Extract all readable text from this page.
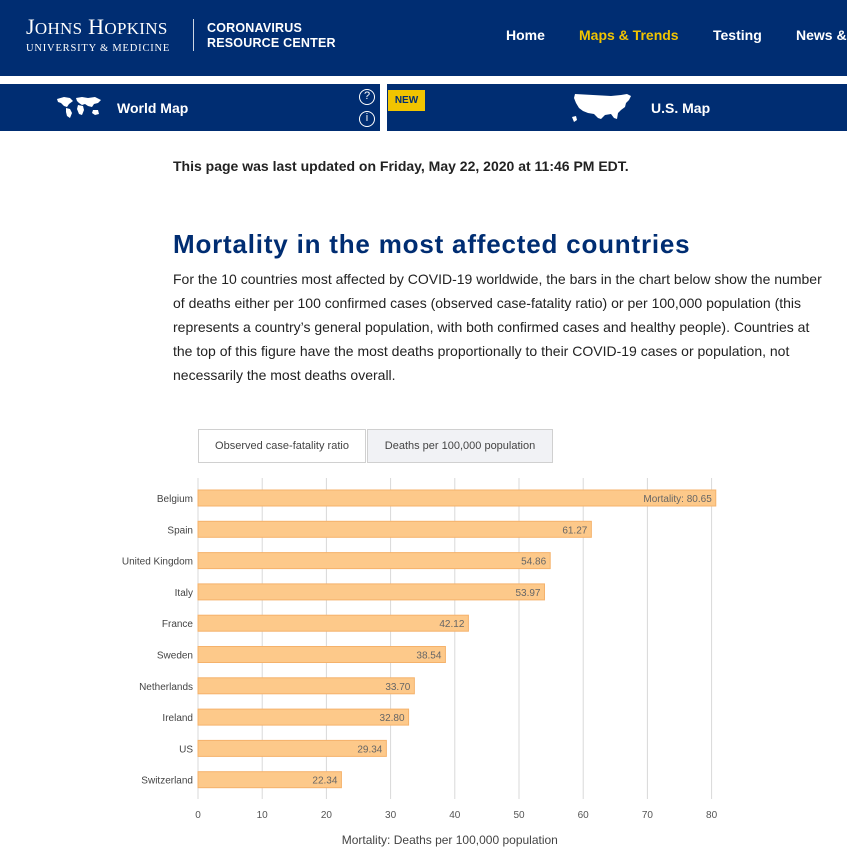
JOHNS HOPKINS
UNIVERSITY & MEDICINE
CORONAVIRUS
RESOURCE CENTER	Home Maps & Trends Testing News &
World Map
?
i
NEW	U.S. Map
This page was last updated on Friday, May 22, 2020 at 11:46 PM EDT.
Mortality in the most affected countries
For the 10 countries most affected by COVID-19 worldwide, the bars in the chart below show the number of deaths either per 100 confirmed cases (observed case-fatality ratio) or per 100,000 population (this represents a country’s general population, with both confirmed cases and healthy people). Countries at the top of this figure have the most deaths proportionally to their COVID-19 cases or population, not necessarily the most deaths overall.
Observed case-fatality ratio	Deaths per 100,000 population
Belgium	Mortality: 80.65
Spain	61.27
United Kingdom	54.86
Italy	53.97
France	42.12
Sweden	38.54
Netherlands	33.70
Ireland	32.80
US	29.34
Switzerland	22.34
0	10	20	30	40	50	60	70	80
Mortality: Deaths per 100,000 population
